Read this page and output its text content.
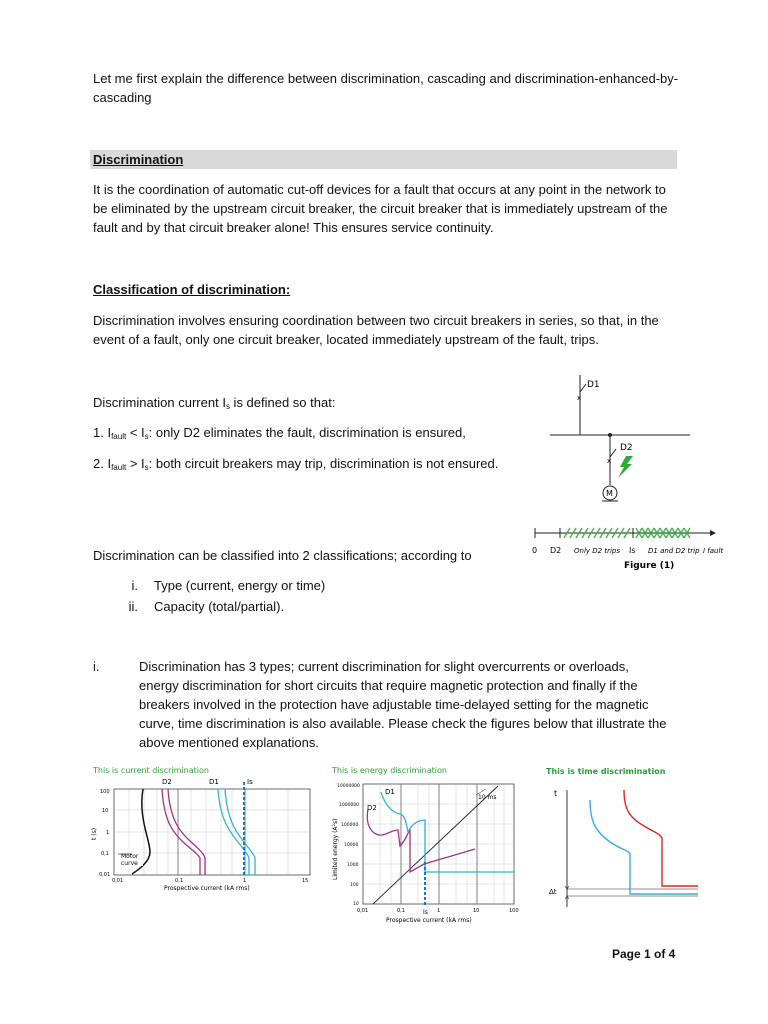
Let me first explain the difference between discrimination, cascading and discrimination-enhanced-by-cascading
Discrimination
It is the coordination of automatic cut-off devices for a fault that occurs at any point in the network to be eliminated by the upstream circuit breaker, the circuit breaker that is immediately upstream of the fault and by that circuit breaker alone! This ensures service continuity.
Classification of discrimination:
Discrimination involves ensuring coordination between two circuit breakers in series, so that, in the event of a fault, only one circuit breaker, located immediately upstream of the fault, trips.
Discrimination current $I_s$ is defined so that:
1. $I_{fault} < I_s$: only D2 eliminates the fault, discrimination is ensured,
2. $I_{fault} > I_s$: both circuit breakers may trip, discrimination is not ensured.
Discrimination can be classified into 2 classifications; according to
i. Type (current, energy or time)
ii. Capacity (total/partial).
i.	Discrimination has 3 types; current discrimination for slight overcurrents or overloads,
energy discrimination for short circuits that require magnetic protection and finally if the
breakers involved in the protection have adjustable time-delayed setting for the magnetic
curve, time discrimination is also available. Please check the figures below that illustrate the
above mentioned explanations.
x
D1
x
D2
M
0 D2 Only D2 trips Is D1 and D2 trip I fault
Figure (1)
This is current discrimination
D2	D1	Is
100
10
1
0,1
0,01
t (s)
0,01	0,1	1	15
Prospective current (kA rms)
Motor
curve
This is energy discrimination
D1
D2
10 ms
10000000
1000000
100000
10000
1000
100
10
Limited energy (A²s)
0,01	0,1	1	10	100
Is
Prospective current (kA rms)
This is time discrimination
t
Δt
Page 1 of 4
